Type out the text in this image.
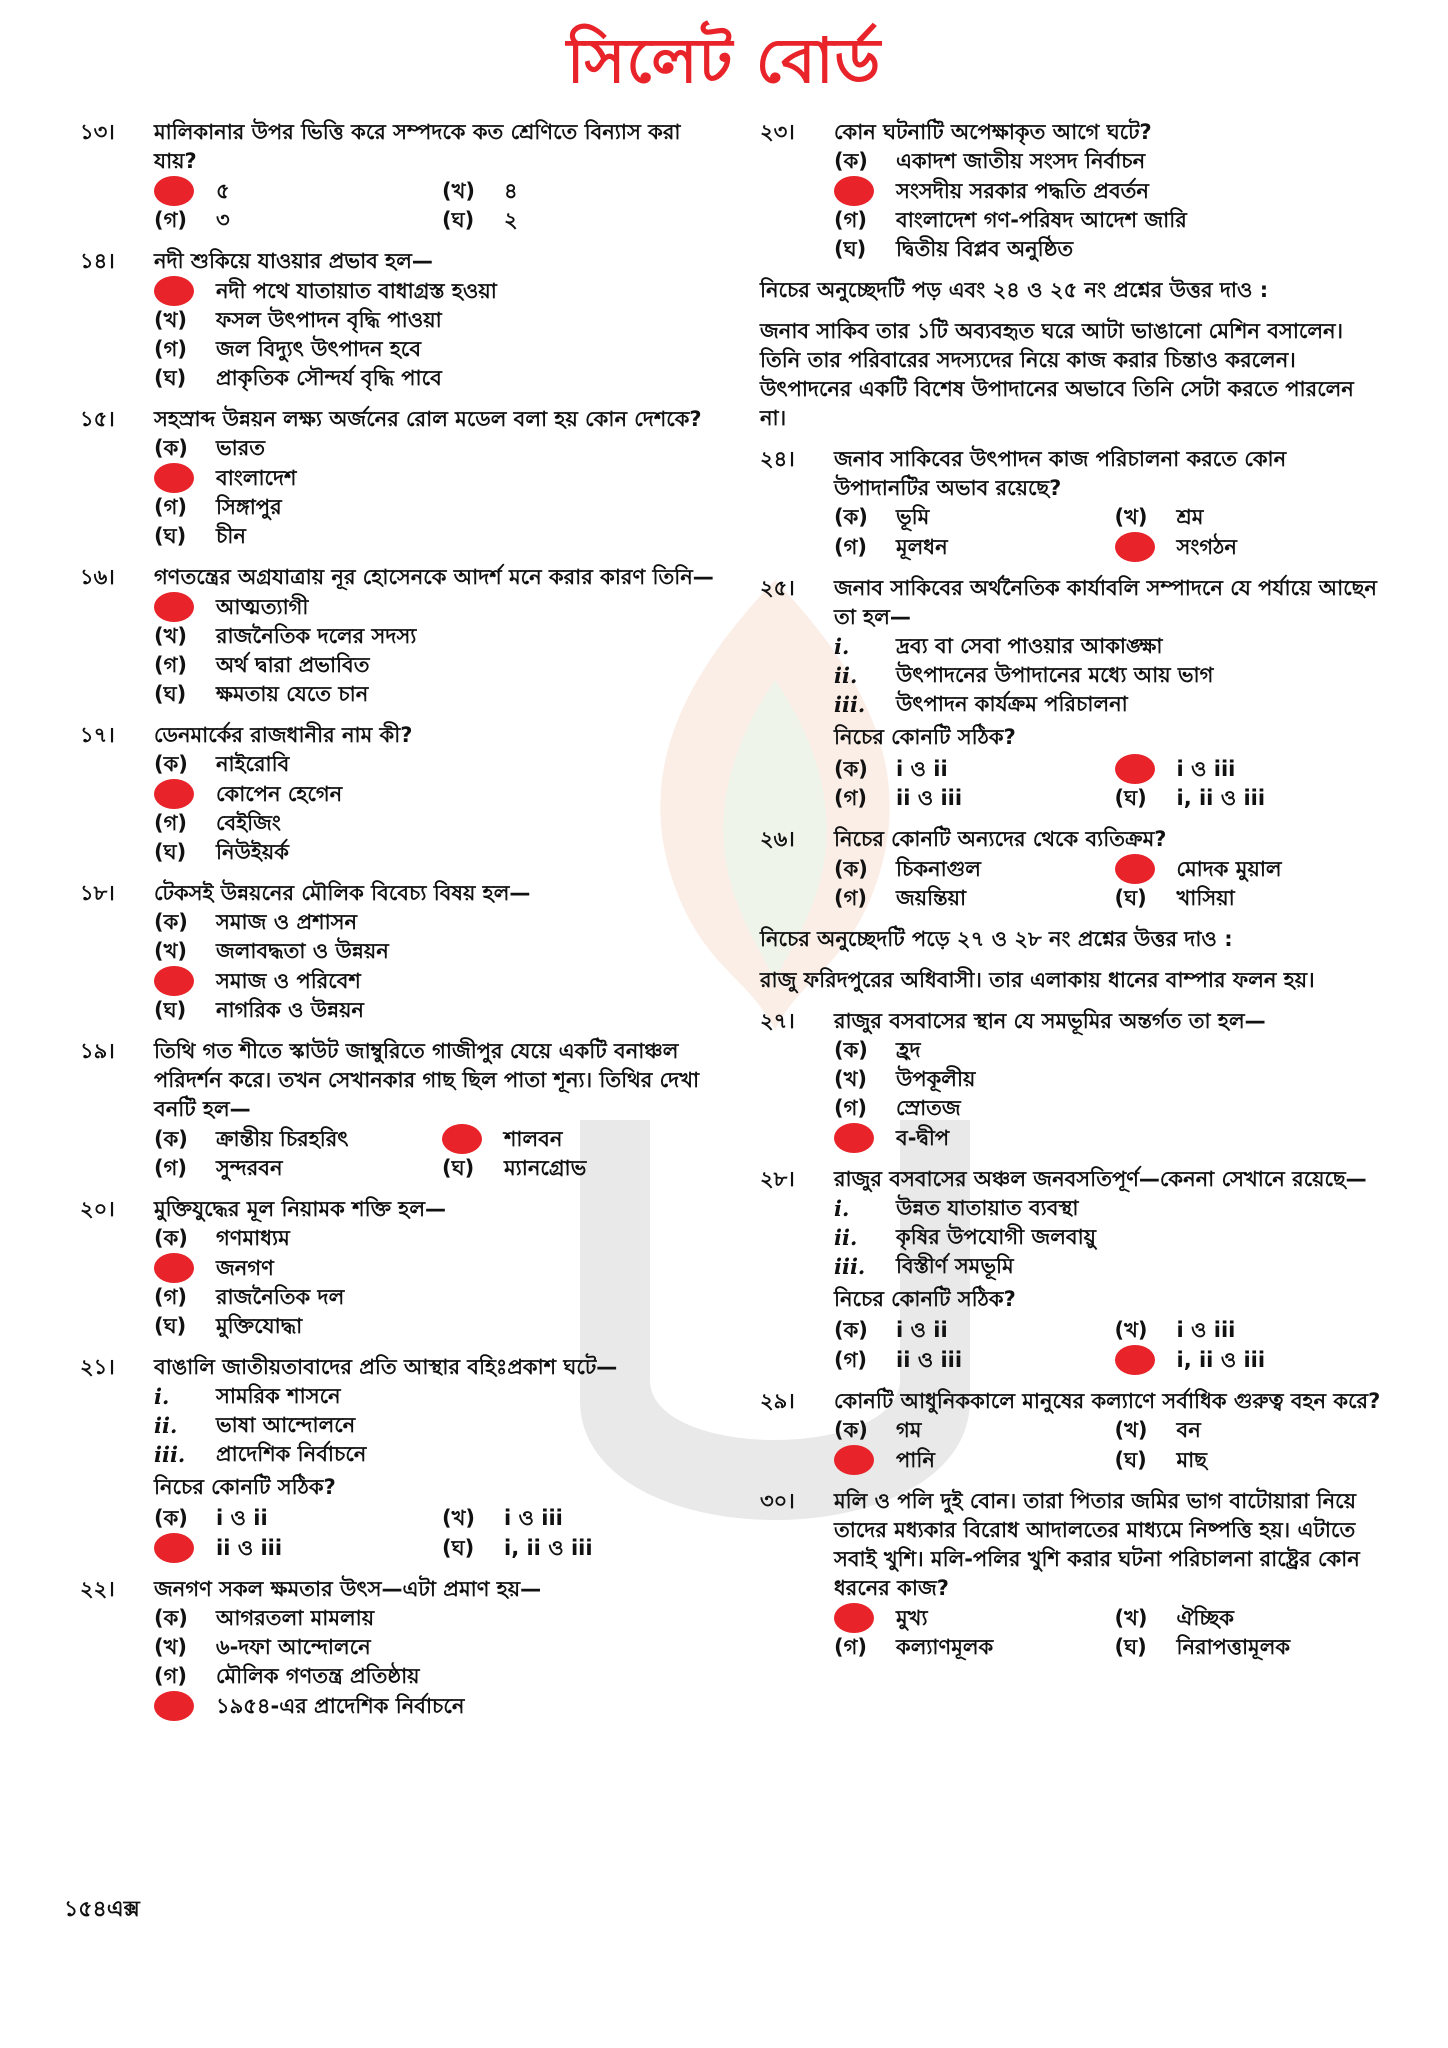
সিলেট বোর্ড
১৩।	মালিকানার উপর ভিত্তি করে সম্পদকে কত শ্রেণিতে বিন্যাস করা যায়?
৫	(খ)	৪
(গ)	৩	(ঘ)	২
১৪।	নদী শুকিয়ে যাওয়ার প্রভাব হল—
নদী পথে যাতায়াত বাধাগ্রস্ত হওয়া
(খ)	ফসল উৎপাদন বৃদ্ধি পাওয়া
(গ)	জল বিদ্যুৎ উৎপাদন হবে
(ঘ)	প্রাকৃতিক সৌন্দর্য বৃদ্ধি পাবে
১৫।	সহস্রাব্দ উন্নয়ন লক্ষ্য অর্জনের রোল মডেল বলা হয় কোন দেশকে?
(ক)	ভারত
বাংলাদেশ
(গ)	সিঙ্গাপুর
(ঘ)	চীন
১৬।	গণতন্ত্রের অগ্রযাত্রায় নূর হোসেনকে আদর্শ মনে করার কারণ তিনি—
আত্মত্যাগী
(খ)	রাজনৈতিক দলের সদস্য
(গ)	অর্থ দ্বারা প্রভাবিত
(ঘ)	ক্ষমতায় যেতে চান
১৭।	ডেনমার্কের রাজধানীর নাম কী?
(ক)	নাইরোবি
কোপেন হেগেন
(গ)	বেইজিং
(ঘ)	নিউইয়র্ক
১৮।	টেকসই উন্নয়নের মৌলিক বিবেচ্য বিষয় হল—
(ক)	সমাজ ও প্রশাসন
(খ)	জলাবদ্ধতা ও উন্নয়ন
সমাজ ও পরিবেশ
(ঘ)	নাগরিক ও উন্নয়ন
১৯।	তিথি গত শীতে স্কাউট জাম্বুরিতে গাজীপুর যেয়ে একটি বনাঞ্চল পরিদর্শন করে। তখন সেখানকার গাছ ছিল পাতা শূন্য। তিথির দেখা বনটি হল—
(ক)	ক্রান্তীয় চিরহরিৎ	শালবন
(গ)	সুন্দরবন	(ঘ)	ম্যানগ্রোভ
২০।	মুক্তিযুদ্ধের মূল নিয়ামক শক্তি হল—
(ক)	গণমাধ্যম
জনগণ
(গ)	রাজনৈতিক দল
(ঘ)	মুক্তিযোদ্ধা
২১।	বাঙালি জাতীয়তাবাদের প্রতি আস্থার বহিঃপ্রকাশ ঘটে—
i.	সামরিক শাসনে
ii.	ভাষা আন্দোলনে
iii.	প্রাদেশিক নির্বাচনে
নিচের কোনটি সঠিক?
(ক)	i ও ii	(খ)	i ও iii
ii ও iii	(ঘ)	i, ii ও iii
২২।	জনগণ সকল ক্ষমতার উৎস—এটা প্রমাণ হয়—
(ক)	আগরতলা মামলায়
(খ)	৬-দফা আন্দোলনে
(গ)	মৌলিক গণতন্ত্র প্রতিষ্ঠায়
১৯৫৪-এর প্রাদেশিক নির্বাচনে
২৩।	কোন ঘটনাটি অপেক্ষাকৃত আগে ঘটে?
(ক)	একাদশ জাতীয় সংসদ নির্বাচন
সংসদীয় সরকার পদ্ধতি প্রবর্তন
(গ)	বাংলাদেশ গণ-পরিষদ আদেশ জারি
(ঘ)	দ্বিতীয় বিপ্লব অনুষ্ঠিত
নিচের অনুচ্ছেদটি পড় এবং ২৪ ও ২৫ নং প্রশ্নের উত্তর দাও :
জনাব সাকিব তার ১টি অব্যবহৃত ঘরে আটা ভাঙানো মেশিন বসালেন। তিনি তার পরিবারের সদস্যদের নিয়ে কাজ করার চিন্তাও করলেন। উৎপাদনের একটি বিশেষ উপাদানের অভাবে তিনি সেটা করতে পারলেন না।
২৪।	জনাব সাকিবের উৎপাদন কাজ পরিচালনা করতে কোন উপাদানটির অভাব রয়েছে?
(ক)	ভূমি	(খ)	শ্রম
(গ)	মূলধন	সংগঠন
২৫।	জনাব সাকিবের অর্থনৈতিক কার্যাবলি সম্পাদনে যে পর্যায়ে আছেন তা হল—
i.	দ্রব্য বা সেবা পাওয়ার আকাঙ্ক্ষা
ii.	উৎপাদনের উপাদানের মধ্যে আয় ভাগ
iii.	উৎপাদন কার্যক্রম পরিচালনা
নিচের কোনটি সঠিক?
(ক)	i ও ii	i ও iii
(গ)	ii ও iii	(ঘ)	i, ii ও iii
২৬।	নিচের কোনটি অন্যদের থেকে ব্যতিক্রম?
(ক)	চিকনাগুল	মোদক মুয়াল
(গ)	জয়ন্তিয়া	(ঘ)	খাসিয়া
নিচের অনুচ্ছেদটি পড়ে ২৭ ও ২৮ নং প্রশ্নের উত্তর দাও :
রাজু ফরিদপুরের অধিবাসী। তার এলাকায় ধানের বাম্পার ফলন হয়।
২৭।	রাজুর বসবাসের স্থান যে সমভূমির অন্তর্গত তা হল—
(ক)	হ্রদ
(খ)	উপকূলীয়
(গ)	স্রোতজ
ব-দ্বীপ
২৮।	রাজুর বসবাসের অঞ্চল জনবসতিপূর্ণ—কেননা সেখানে রয়েছে—
i.	উন্নত যাতায়াত ব্যবস্থা
ii.	কৃষির উপযোগী জলবায়ু
iii.	বিস্তীর্ণ সমভূমি
নিচের কোনটি সঠিক?
(ক)	i ও ii	(খ)	i ও iii
(গ)	ii ও iii	i, ii ও iii
২৯।	কোনটি আধুনিককালে মানুষের কল্যাণে সর্বাধিক গুরুত্ব বহন করে?
(ক)	গম	(খ)	বন
পানি	(ঘ)	মাছ
৩০।	মলি ও পলি দুই বোন। তারা পিতার জমির ভাগ বাটোয়ারা নিয়ে তাদের মধ্যকার বিরোধ আদালতের মাধ্যমে নিষ্পত্তি হয়। এটাতে সবাই খুশি। মলি-পলির খুশি করার ঘটনা পরিচালনা রাষ্ট্রের কোন ধরনের কাজ?
মুখ্য	(খ)	ঐচ্ছিক
(গ)	কল্যাণমূলক	(ঘ)	নিরাপত্তামূলক
১৫৪এক্স
